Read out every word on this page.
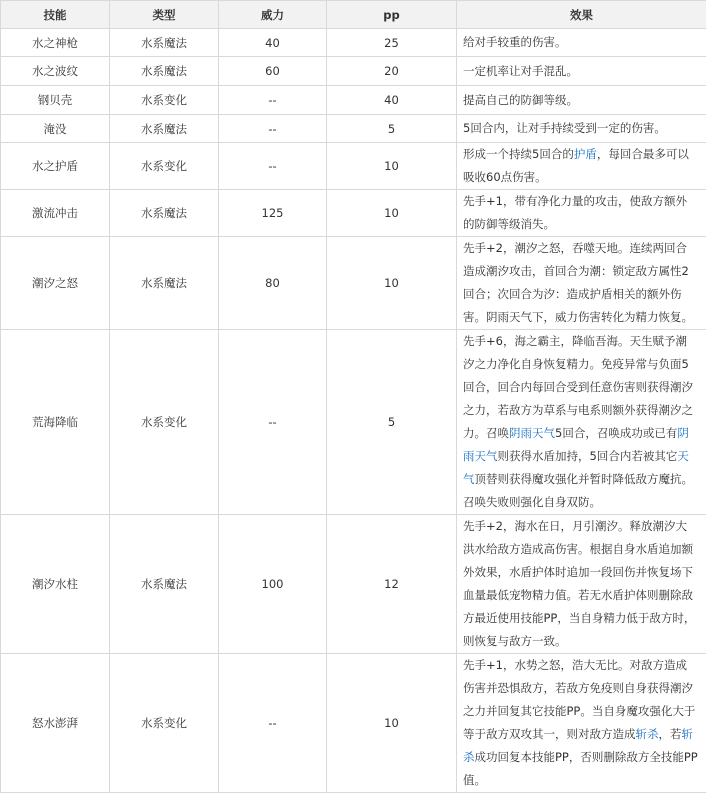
技能	类型	威力	pp	效果
水之神枪	水系魔法	40	25	给对手较重的伤害。
水之波纹	水系魔法	60	20	一定机率让对手混乱。
钢贝壳	水系变化	--	40	提高自己的防御等级。
淹没	水系魔法	--	5	5回合内，让对手持续受到一定的伤害。
水之护盾	水系变化	--	10	形成一个持续5回合的护盾，每回合最多可以吸收60点伤害。
激流冲击	水系魔法	125	10	先手+1，带有净化力量的攻击，使敌方额外的防御等级消失。
潮汐之怒	水系魔法	80	10	先手+2，潮汐之怒，吞噬天地。连续两回合造成潮汐攻击，首回合为潮：锁定敌方属性2回合；次回合为汐：造成护盾相关的额外伤害。阴雨天气下，威力伤害转化为精力恢复。
荒海降临	水系变化	--	5	先手+6，海之霸主，降临吾海。天生赋予潮汐之力净化自身恢复精力。免疫异常与负面5回合，回合内每回合受到任意伤害则获得潮汐之力，若敌方为草系与电系则额外获得潮汐之力。召唤阴雨天气5回合，召唤成功或已有阴雨天气则获得水盾加持，5回合内若被其它天气顶替则获得魔攻强化并暂时降低敌方魔抗。召唤失败则强化自身双防。
潮汐水柱	水系魔法	100	12	先手+2，海水在日，月引潮汐。释放潮汐大洪水给敌方造成高伤害。根据自身水盾追加额外效果，水盾护体时追加一段回伤并恢复场下血量最低宠物精力值。若无水盾护体则删除敌方最近使用技能PP，当自身精力低于敌方时，则恢复与敌方一致。
怒水澎湃	水系变化	--	10	先手+1，水势之怒，浩大无比。对敌方造成伤害并恐惧敌方，若敌方免疫则自身获得潮汐之力并回复其它技能PP。当自身魔攻强化大于等于敌方双攻其一，则对敌方造成斩杀，若斩杀成功回复本技能PP，否则删除敌方全技能PP值。
